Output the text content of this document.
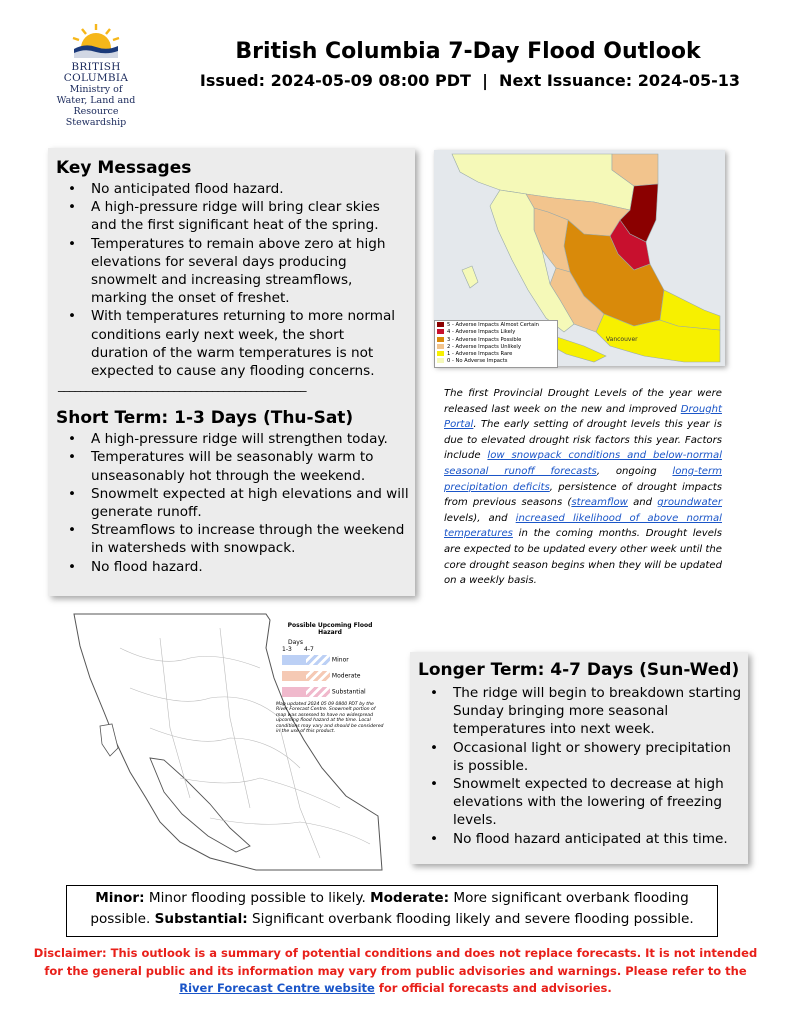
BRITISH
COLUMBIA
Ministry of
Water, Land and
Resource Stewardship
British Columbia 7-Day Flood Outlook
Issued: 2024-05-09 08:00 PDT  |  Next Issuance: 2024-05-13
Key Messages
• No anticipated flood hazard.
• A high-pressure ridge will bring clear skies and the first significant heat of the spring.
• Temperatures to remain above zero at high elevations for several days producing snowmelt and increasing streamflows, marking the onset of freshet.
• With temperatures returning to more normal conditions early next week, the short duration of the warm temperatures is not expected to cause any flooding concerns.
_____________________________________________
Short Term: 1-3 Days (Thu-Sat)
• A high-pressure ridge will strengthen today.
• Temperatures will be seasonably warm to unseasonably hot through the weekend.
• Snowmelt expected at high elevations and will generate runoff.
• Streamflows to increase through the weekend in watersheds with snowpack.
• No flood hazard.
5 - Adverse Impacts Almost Certain
4 - Adverse Impacts Likely
3 - Adverse Impacts Possible
2 - Adverse Impacts Unlikely
1 - Adverse Impacts Rare
0 - No Adverse Impacts
Vancouver
The first Provincial Drought Levels of the year were released last week on the new and improved Drought Portal. The early setting of drought levels this year is due to elevated drought risk factors this year. Factors include low snowpack conditions and below-normal seasonal runoff forecasts, ongoing long-term precipitation deficits, persistence of drought impacts from previous seasons (streamflow and groundwater levels), and increased likelihood of above normal temperatures in the coming months. Drought levels are expected to be updated every other week until the core drought season begins when they will be updated on a weekly basis.
Possible Upcoming Flood Hazard
Days
1-3 4-7
Minor
Moderate
Substantial
Map updated 2024 05 09 0800 PDT by the River Forecast Centre. Snowmelt portion of map was assessed to have no widespread upcoming flood hazard at the time. Local conditions may vary and should be considered in the use of this product.
Longer Term: 4-7 Days (Sun-Wed)
• The ridge will begin to breakdown starting Sunday bringing more seasonal temperatures into next week.
• Occasional light or showery precipitation is possible.
• Snowmelt expected to decrease at high elevations with the lowering of freezing levels.
• No flood hazard anticipated at this time.
Minor: Minor flooding possible to likely. Moderate: More significant overbank flooding possible. Substantial: Significant overbank flooding likely and severe flooding possible.
Disclaimer: This outlook is a summary of potential conditions and does not replace forecasts. It is not intended for the general public and its information may vary from public advisories and warnings. Please refer to the River Forecast Centre website for official forecasts and advisories.
